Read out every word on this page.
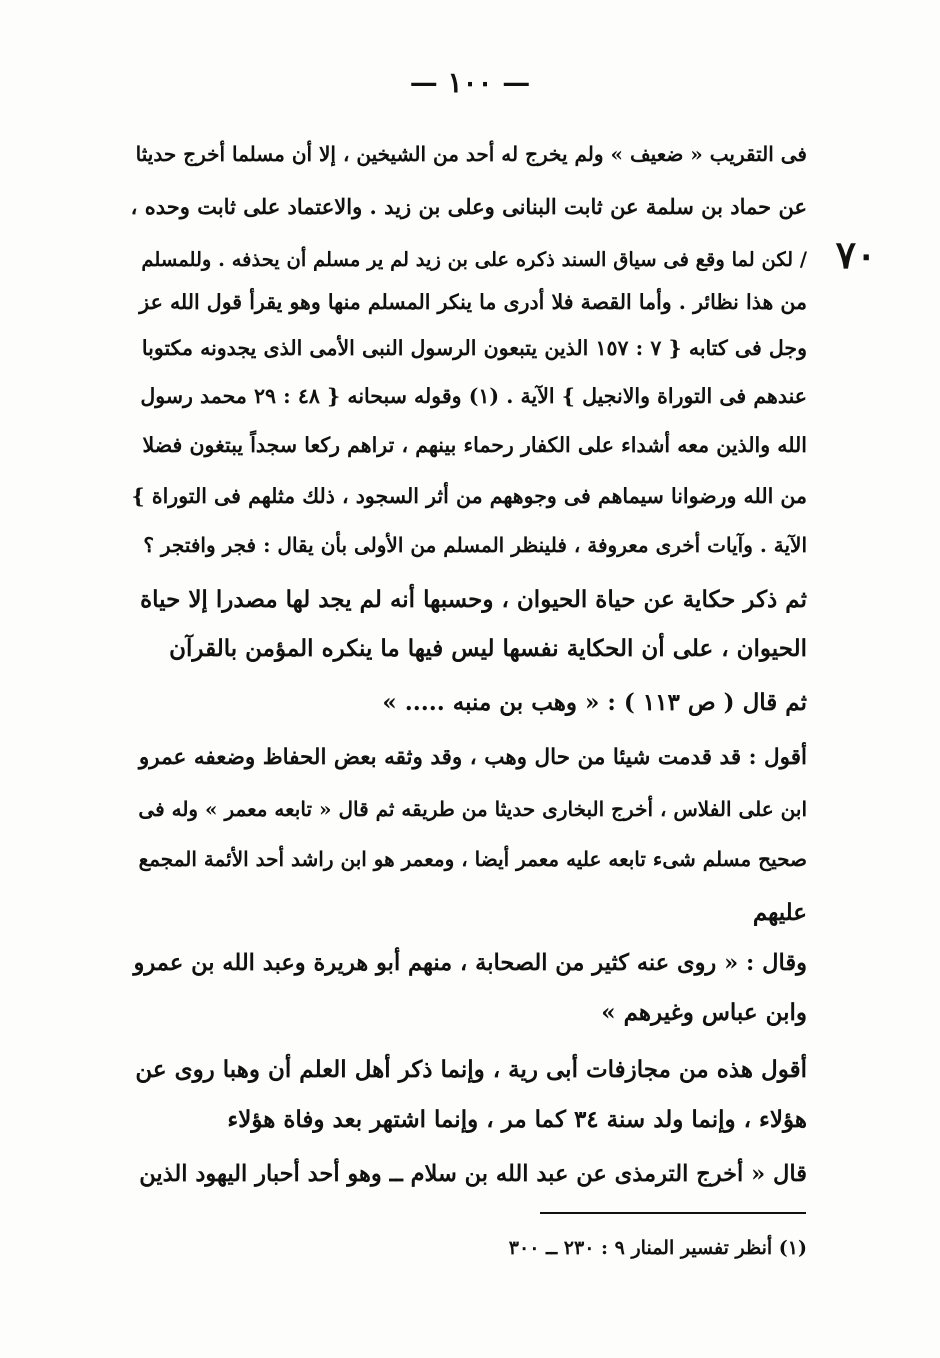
— ١٠٠ —
٧٠
فى التقريب « ضعيف » ولم يخرج له أحد من الشيخين ، إلا أن مسلما أخرج حديثا
عن حماد بن سلمة عن ثابت البنانى وعلى بن زيد . والاعتماد على ثابت وحده ،
/ لكن لما وقع فى سياق السند ذكره على بن زيد لم ير مسلم أن يحذفه . وللمسلم
من هذا نظائر . وأما القصة فلا أدرى ما ينكر المسلم منها وهو يقرأ قول الله عز
وجل فى كتابه { ٧ : ١٥٧ الذين يتبعون الرسول النبى الأمى الذى يجدونه مكتوبا
عندهم فى التوراة والانجيل } الآية . (١) وقوله سبحانه { ٤٨ : ٢٩ محمد رسول
الله والذين معه أشداء على الكفار رحماء بينهم ، تراهم ركعا سجداً يبتغون فضلا
من الله ورضوانا سيماهم فى وجوههم من أثر السجود ، ذلك مثلهم فى التوراة }
الآية . وآيات أخرى معروفة ، فلينظر المسلم من الأولى بأن يقال : فجر وافتجر ؟
ثم ذكر حكاية عن حياة الحيوان ، وحسبها أنه لم يجد لها مصدرا إلا حياة
الحيوان ، على أن الحكاية نفسها ليس فيها ما ينكره المؤمن بالقرآن
ثم قال ( ص ١١٣ ) : « وهب بن منبه ..... »
أقول : قد قدمت شيئا من حال وهب ، وقد وثقه بعض الحفاظ وضعفه عمرو
ابن على الفلاس ، أخرج البخارى حديثا من طريقه ثم قال « تابعه معمر » وله فى
صحيح مسلم شىء تابعه عليه معمر أيضا ، ومعمر هو ابن راشد أحد الأئمة المجمع
عليهم
وقال : « روى عنه كثير من الصحابة ، منهم أبو هريرة وعبد الله بن عمرو
وابن عباس وغيرهم »
أقول هذه من مجازفات أبى رية ، وإنما ذكر أهل العلم أن وهبا روى عن
هؤلاء ، وإنما ولد سنة ٣٤ كما مر ، وإنما اشتهر بعد وفاة هؤلاء
قال « أخرج الترمذى عن عبد الله بن سلام ــ وهو أحد أحبار اليهود الذين
(١) أنظر تفسير المنار ٩ : ٢٣٠ ــ ٣٠٠
